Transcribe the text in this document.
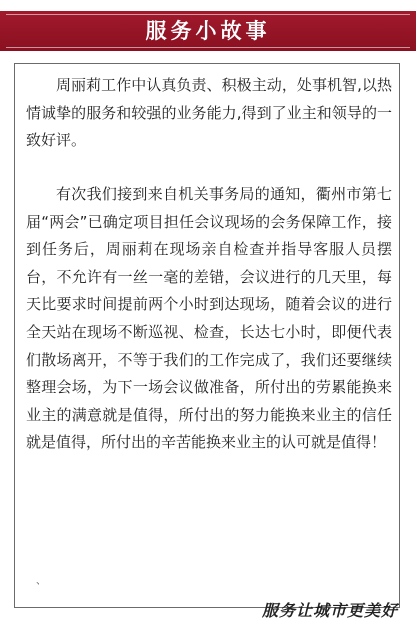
服务小故事

周丽莉工作中认真负责、积极主动，处事机智,以热情诚挚的服务和较强的业务能力,得到了业主和领导的一致好评。

有次我们接到来自机关事务局的通知，衢州市第七届“两会”已确定项目担任会议现场的会务保障工作，接到任务后，周丽莉在现场亲自检查并指导客服人员摆台，不允许有一丝一毫的差错，会议进行的几天里，每天比要求时间提前两个小时到达现场，随着会议的进行全天站在现场不断巡视、检查，长达七小时，即便代表们散场离开，不等于我们的工作完成了，我们还要继续整理会场，为下一场会议做准备，所付出的劳累能换来业主的满意就是值得，所付出的努力能换来业主的信任就是值得，所付出的辛苦能换来业主的认可就是值得！

、
服务让城市更美好
